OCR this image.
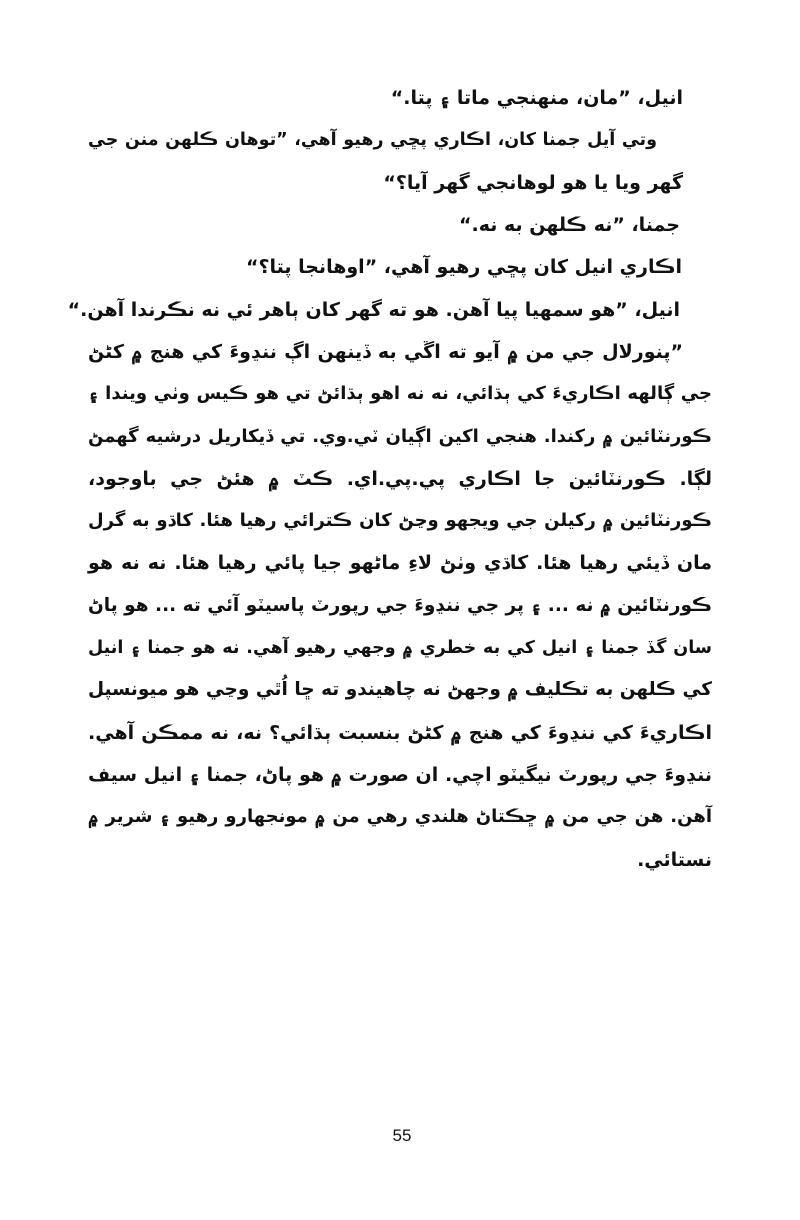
انيل، ”مان، منهنجي ماتا ۽ پتا.“
وتي آيل جمنا کان، اڪاري پڇي رهيو آهي، ”توهان ڪلهن منن جي
گهر ويا يا هو لوهانجي گهر آيا؟“
جمنا، ”نه ڪلهن به نه.“
اڪاري انيل کان پڇي رهيو آهي، ”اوهانجا پتا؟“
انيل، ”هو سمهيا پيا آهن. هو ته گهر کان ٻاهر ئي نه نڪرندا آهن.“
”پنورلال جي من ۾ آيو ته اڱي به ڏينهن اڳ ننڍوءَ کي هنج ۾ کڻڻ
جي ڳالهه اڪاريءَ کي ٻڌائي، نه نه اهو ٻڌائڻ تي هو ڪيس وٺي ويندا ۽
ڪورنٽائين ۾ رکندا. هنجي اکين اڳيان ٽي.وي. تي ڏيکاريل درشيه گهمڻ
لڳا. ڪورنٽائين جا اڪاري پي.پي.اي. ڪٽ ۾ هئڻ جي باوجود،
ڪورنٽائين ۾ رکيلن جي ويجهو وڃڻ کان ڪترائي رهيا هئا. کاڌو به گرل
مان ڏيئي رهيا هئا. کاڌي وٺڻ لاءِ ماڻهو جيا پائي رهيا هئا. نه نه هو
ڪورنٽائين ۾ نه ... ۽ پر جي ننڍوءَ جي رپورٽ پاسيٽو آئي ته ... هو پاڻ
سان گڏ جمنا ۽ انيل کي به خطري ۾ وجهي رهيو آهي. نه هو جمنا ۽ انيل
کي ڪلهن به تڪليف ۾ وجهڻ نه چاهيندو ته ڇا اُٿي وڃي هو ميونسپل
اڪاريءَ کي ننڍوءَ کي هنج ۾ کڻڻ بنسبت ٻڌائي؟ نه، نه ممڪن آهي.
ننڍوءَ جي رپورٽ نيگيٽو اچي. ان صورت ۾ هو پاڻ، جمنا ۽ انيل سيف
آهن. هن جي من ۾ ڇڪتاڻ هلندي رهي من ۾ مونجهارو رهيو ۽ شرير ۾
نستائي.
55
